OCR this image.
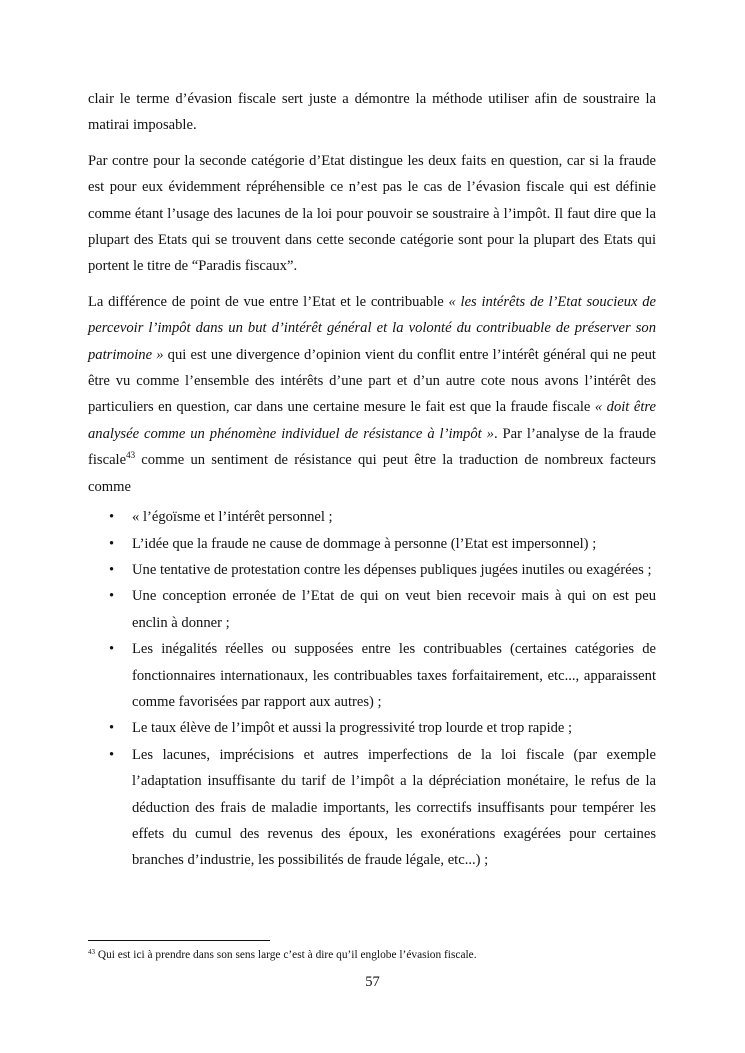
clair le terme d’évasion fiscale sert juste a démontre la méthode utiliser afin de soustraire la matirai imposable.

Par contre pour la seconde catégorie d’Etat distingue les deux faits en question, car si la fraude est pour eux évidemment répréhensible ce n’est pas le cas de l’évasion fiscale qui est définie comme étant l’usage des lacunes de la loi pour pouvoir se soustraire à l’impôt. Il faut dire que la plupart des Etats qui se trouvent dans cette seconde catégorie sont pour la plupart des Etats qui portent le titre de “Paradis fiscaux”.

La différence de point de vue entre l’Etat et le contribuable « les intérêts de l’Etat soucieux de percevoir l’impôt dans un but d’intérêt général et la volonté du contribuable de préserver son patrimoine » qui est une divergence d’opinion vient du conflit entre l’intérêt général qui ne peut être vu comme l’ensemble des intérêts d’une part et d’un autre cote nous avons l’intérêt des particuliers en question, car dans une certaine mesure le fait est que la fraude fiscale « doit être analysée comme un phénomène individuel de résistance à l’impôt ». Par l’analyse de la fraude fiscale$^{43}$ comme un sentiment de résistance qui peut être la traduction de nombreux facteurs comme

• « l’égoïsme et l’intérêt personnel ;
• L’idée que la fraude ne cause de dommage à personne (l’Etat est impersonnel) ;
• Une tentative de protestation contre les dépenses publiques jugées inutiles ou exagérées ;
• Une conception erronée de l’Etat de qui on veut bien recevoir mais à qui on est peu enclin à donner ;
• Les inégalités réelles ou supposées entre les contribuables (certaines catégories de fonctionnaires internationaux, les contribuables taxes forfaitairement, etc..., apparaissent comme favorisées par rapport aux autres) ;
• Le taux élève de l’impôt et aussi la progressivité trop lourde et trop rapide ;
• Les lacunes, imprécisions et autres imperfections de la loi fiscale (par exemple l’adaptation insuffisante du tarif de l’impôt a la dépréciation monétaire, le refus de la déduction des frais de maladie importants, les correctifs insuffisants pour tempérer les effets du cumul des revenus des époux, les exonérations exagérées pour certaines branches d’industrie, les possibilités de fraude légale, etc...) ;
$^{43}$ Qui est ici à prendre dans son sens large c’est à dire qu’il englobe l’évasion fiscale.
57
